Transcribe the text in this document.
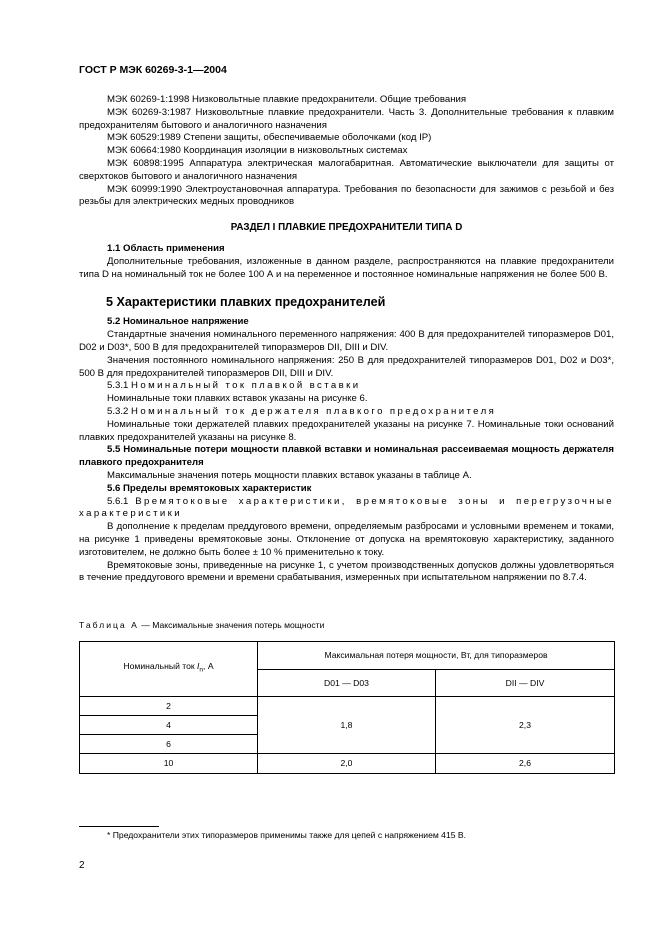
ГОСТ Р МЭК 60269-3-1—2004

МЭК 60269-1:1998 Низковольтные плавкие предохранители. Общие требования

МЭК 60269-3:1987 Низковольтные плавкие предохранители. Часть 3. Дополнительные требования к плавким предохранителям бытового и аналогичного назначения

МЭК 60529:1989 Степени защиты, обеспечиваемые оболочками (код IP)

МЭК 60664:1980 Координация изоляции в низковольтных системах

МЭК 60898:1995 Аппаратура электрическая малогабаритная. Автоматические выключатели для защиты от сверхтоков бытового и аналогичного назначения

МЭК 60999:1990 Электроустановочная аппаратура. Требования по безопасности для зажимов с резьбой и без резьбы для электрических медных проводников

РАЗДЕЛ I ПЛАВКИЕ ПРЕДОХРАНИТЕЛИ ТИПА D

1.1 Область применения

Дополнительные требования, изложенные в данном разделе, распространяются на плавкие предохранители типа D на номинальный ток не более 100 А и на переменное и постоянное номинальные напряжения не более 500 В.

5 Характеристики плавких предохранителей

5.2 Номинальное напряжение

Стандартные значения номинального переменного напряжения: 400 В для предохранителей типоразмеров D01, D02 и D03*, 500 В для предохранителей типоразмеров DII, DIII и DIV.

Значения постоянного номинального напряжения: 250 В для предохранителей типоразмеров D01, D02 и D03*, 500 В для предохранителей типоразмеров DII, DIII и DIV.

5.3.1 Номинальный ток плавкой вставки

Номинальные токи плавких вставок указаны на рисунке 6.

5.3.2 Номинальный ток держателя плавкого предохранителя

Номинальные токи держателей плавких предохранителей указаны на рисунке 7. Номинальные токи оснований плавких предохранителей указаны на рисунке 8.

5.5 Номинальные потери мощности плавкой вставки и номинальная рассеиваемая мощность держателя плавкого предохранителя

Максимальные значения потерь мощности плавких вставок указаны в таблице А.

5.6 Пределы времятоковых характеристик

5.6.1 Времятоковые характеристики, времятоковые зоны и перегрузочные характеристики

В дополнение к пределам преддугового времени, определяемым разбросами и условными временем и токами, на рисунке 1 приведены времятоковые зоны. Отклонение от допуска на времятоковую характеристику, заданного изготовителем, не должно быть более ± 10 % применительно к току.

Времятоковые зоны, приведенные на рисунке 1, с учетом производственных допусков должны удовлетворяться в течение преддугового времени и времени срабатывания, измеренных при испытательном напряжении по 8.7.4.

Таблица А — Максимальные значения потерь мощности

Номинальный ток $I_n$, А	Максимальная потеря мощности, Вт, для типоразмеров	
	D01 — D03	DII — DIV
2	1,8	2,3
4		
6		
10	2,0	2,6
* Предохранители этих типоразмеров применимы также для цепей с напряжением 415 В.
2
